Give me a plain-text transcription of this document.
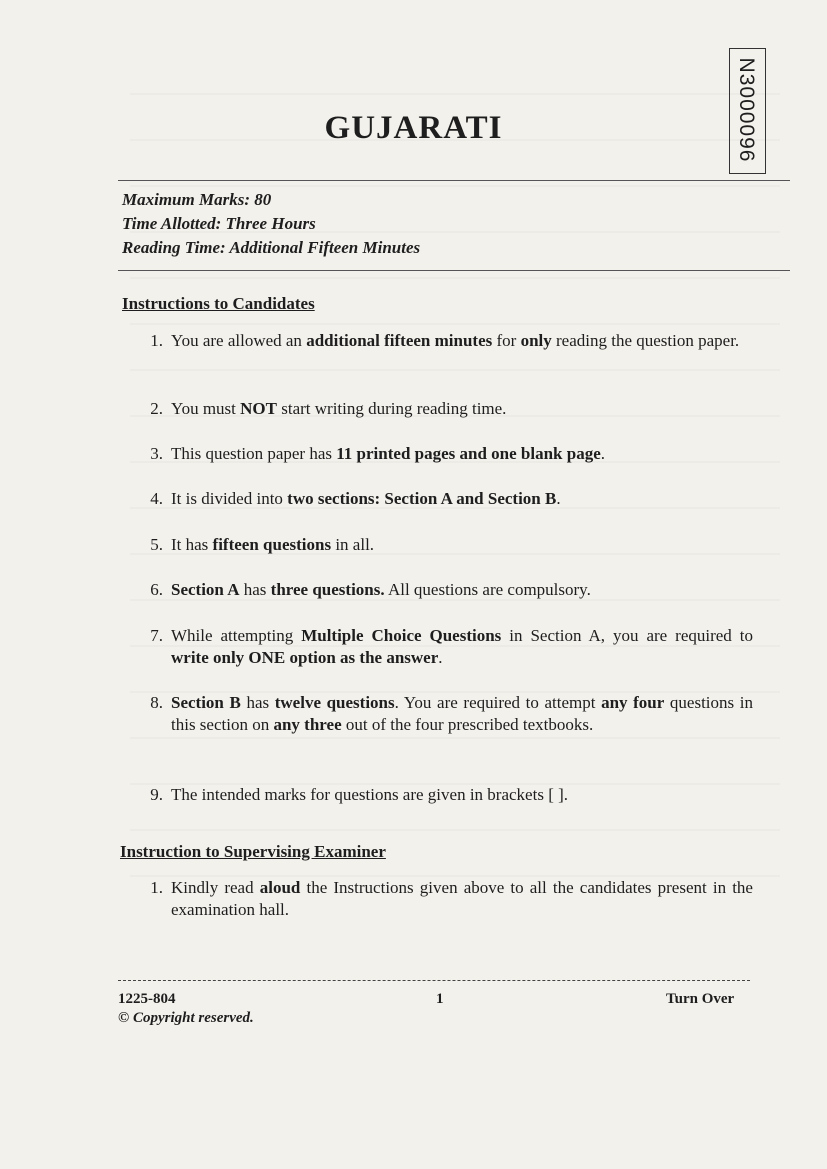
N3000096
GUJARATI
Maximum Marks: 80
Time Allotted: Three Hours
Reading Time: Additional Fifteen Minutes
Instructions to Candidates
1. You are allowed an additional fifteen minutes for only reading the question paper.
2. You must NOT start writing during reading time.
3. This question paper has 11 printed pages and one blank page.
4. It is divided into two sections: Section A and Section B.
5. It has fifteen questions in all.
6. Section A has three questions. All questions are compulsory.
7. While attempting Multiple Choice Questions in Section A, you are required to write only ONE option as the answer.
8. Section B has twelve questions. You are required to attempt any four questions in this section on any three out of the four prescribed textbooks.
9. The intended marks for questions are given in brackets [ ].
Instruction to Supervising Examiner
1. Kindly read aloud the Instructions given above to all the candidates present in the examination hall.
1225-804	1	Turn Over
© Copyright reserved.
